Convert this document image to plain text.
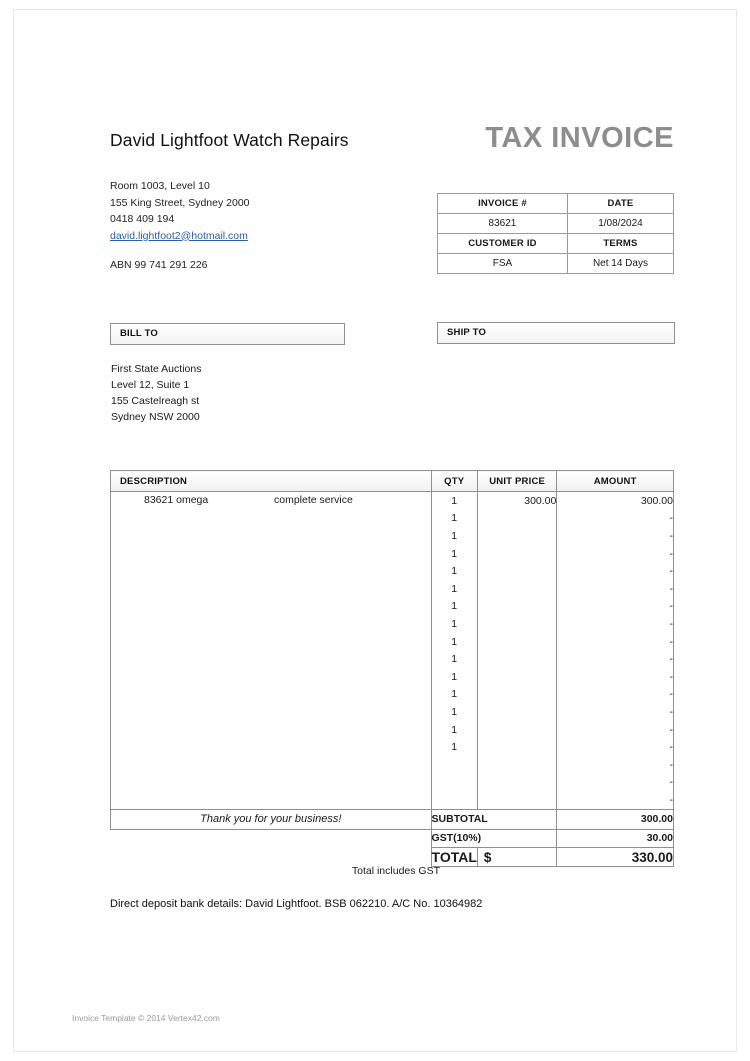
David Lightfoot Watch Repairs	TAX INVOICE
Room 1003, Level 10
155 King Street, Sydney 2000
0418 409 194
david.lightfoot2@hotmail.com
ABN 99 741 291 226
INVOICE #	DATE
83621	1/08/2024
CUSTOMER ID	TERMS
FSA	Net 14 Days
BILL TO	SHIP TO
First State Auctions
Level 12, Suite 1
155 Castelreagh st
Sydney NSW 2000
DESCRIPTION	QTY	UNIT PRICE	AMOUNT

83621 omega complete service	1	300.00	300.00
	1		-
	1		-
	1		-
	1		-
	1		-
	1		-
	1		-
	1		-
	1		-
	1		-
	1		-
	1		-
	1		-
	1		-
			-
			-
			-
Thank you for your business!	SUBTOTAL		300.00
	GST(10%)		30.00
	TOTAL	$	330.00
Total includes GST
Direct deposit bank details: David Lightfoot. BSB 062210. A/C No. 10364982
Invoice Template © 2014 Vertex42.com
